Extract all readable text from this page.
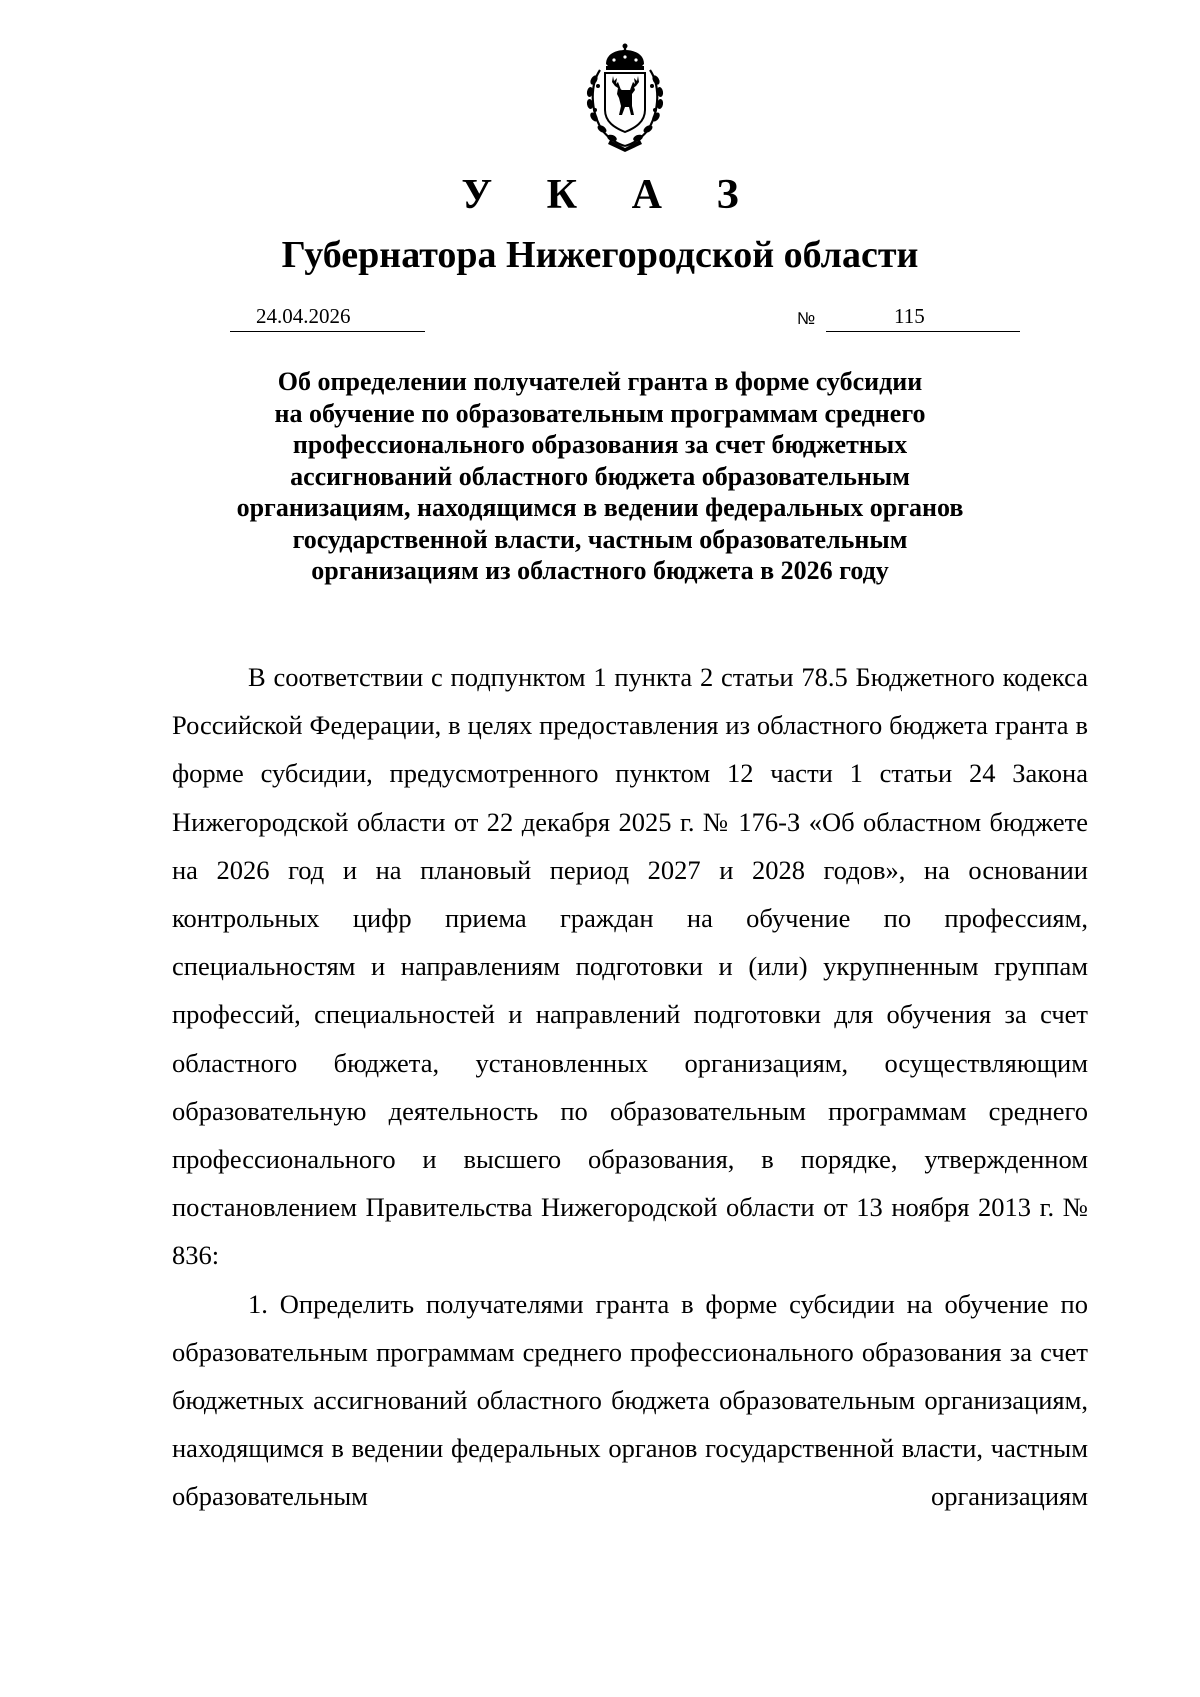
У К А З
Губернатора Нижегородской области
24.04.2026	№	115
Об определении получателей гранта в форме субсидии
на обучение по образовательным программам среднего
профессионального образования за счет бюджетных
ассигнований областного бюджета образовательным
организациям, находящимся в ведении федеральных органов
государственной власти, частным образовательным
организациям из областного бюджета в 2026 году

В соответствии с подпунктом 1 пункта 2 статьи 78.5 Бюджетного кодекса Российской Федерации, в целях предоставления из областного бюджета гранта в форме субсидии, предусмотренного пунктом 12 части 1 статьи 24 Закона Нижегородской области от 22 декабря 2025 г. № 176-З «Об областном бюджете на 2026 год и на плановый период 2027 и 2028 годов», на основании контрольных цифр приема граждан на обучение по профессиям, специальностям и направлениям подготовки и (или) укрупненным группам профессий, специальностей и направлений подготовки для обучения за счет областного бюджета, установленных организациям, осуществляющим образовательную деятельность по образовательным программам среднего профессионального и высшего образования, в порядке, утвержденном постановлением Правительства Нижегородской области от 13 ноября 2013 г. № 836:

1. Определить получателями гранта в форме субсидии на обучение по образовательным программам среднего профессионального образования за счет бюджетных ассигнований областного бюджета образовательным организациям, находящимся в ведении федеральных органов государственной власти, частным образовательным организациям
